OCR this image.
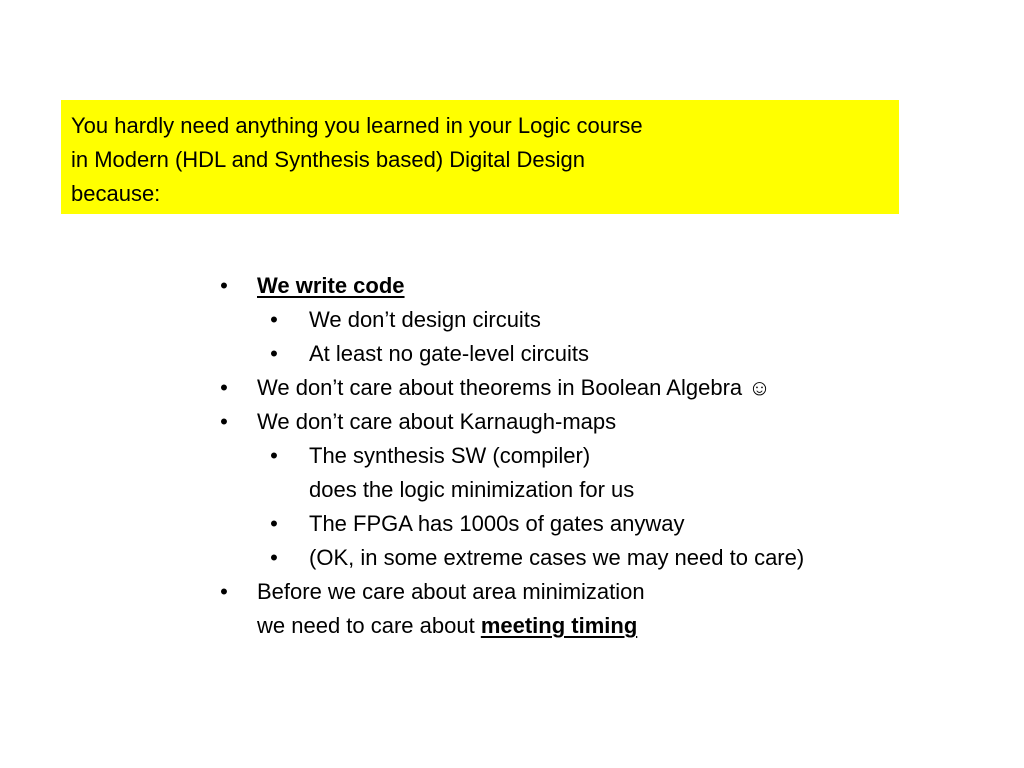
You hardly need anything you learned in your Logic course
in Modern (HDL and Synthesis based) Digital Design
because:
• We write code
• We don’t design circuits
• At least no gate-level circuits
• We don’t care about theorems in Boolean Algebra ☺
• We don’t care about Karnaugh-maps
• The synthesis SW (compiler)
does the logic minimization for us
• The FPGA has 1000s of gates anyway
• (OK, in some extreme cases we may need to care)
• Before we care about area minimization
we need to care about meeting timing
